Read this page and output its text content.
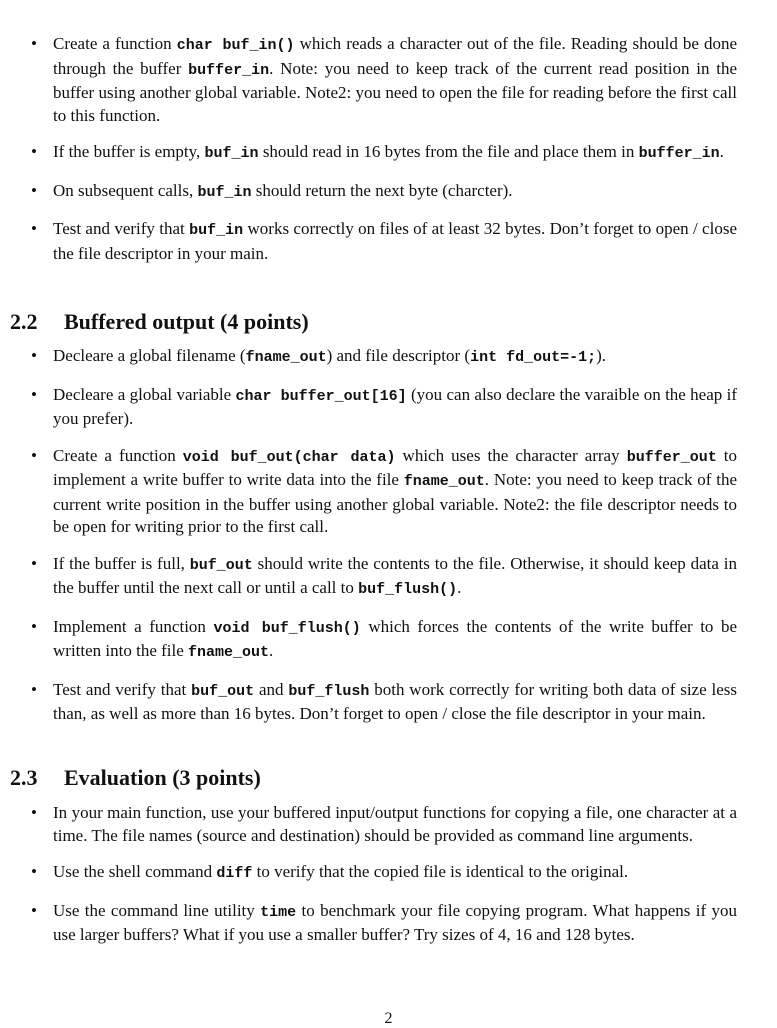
• Create a function char buf_in() which reads a character out of the file. Reading should be done through the buffer buffer_in. Note: you need to keep track of the current read position in the buffer using another global variable. Note2: you need to open the file for reading before the first call to this function.
• If the buffer is empty, buf_in should read in 16 bytes from the file and place them in buffer_in.
• On subsequent calls, buf_in should return the next byte (charcter).
• Test and verify that buf_in works correctly on files of at least 32 bytes. Don’t forget to open / close the file descriptor in your main.
2.2 Buffered output (4 points)
• Decleare a global filename (fname_out) and file descriptor (int fd_out=-1;).
• Decleare a global variable char buffer_out[16] (you can also declare the varaible on the heap if you prefer).
• Create a function void buf_out(char data) which uses the character array buffer_out to implement a write buffer to write data into the file fname_out. Note: you need to keep track of the current write position in the buffer using another global variable. Note2: the file descriptor needs to be open for writing prior to the first call.
• If the buffer is full, buf_out should write the contents to the file. Otherwise, it should keep data in the buffer until the next call or until a call to buf_flush().
• Implement a function void buf_flush() which forces the contents of the write buffer to be written into the file fname_out.
• Test and verify that buf_out and buf_flush both work correctly for writing both data of size less than, as well as more than 16 bytes. Don’t forget to open / close the file descriptor in your main.
2.3 Evaluation (3 points)
• In your main function, use your buffered input/output functions for copying a file, one character at a time. The file names (source and destination) should be provided as command line arguments.
• Use the shell command diff to verify that the copied file is identical to the original.
• Use the command line utility time to benchmark your file copying program. What happens if you use larger buffers? What if you use a smaller buffer? Try sizes of 4, 16 and 128 bytes.
2
